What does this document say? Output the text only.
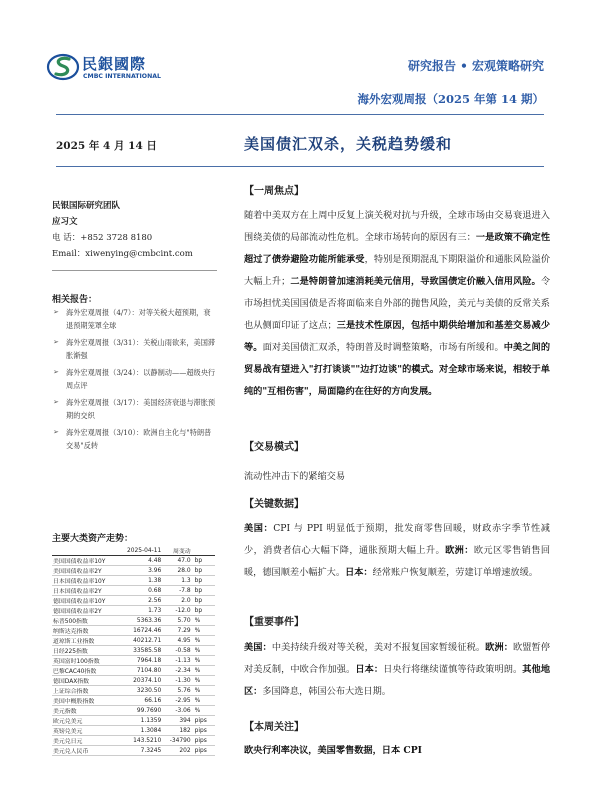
民銀國際
CMBC INTERNATIONAL
研究报告 • 宏观策略研究
海外宏观周报（2025 年第 14 期）
2025 年 4 月 14 日	美国债汇双杀，关税趋势缓和
民银国际研究团队
应习文
电 话：+852 3728 8180
Email：xiwenying@cmbcint.com
相关报告：
➢ 海外宏观周报（4/7）：对等关税大超预期，衰退预期笼罩全球
➢ 海外宏观周报（3/31）：关税山雨欲来，美国滞胀渐强
➢ 海外宏观周报（3/24）：以静制动——超级央行周点评
➢ 海外宏观周报（3/17）：美国经济衰退与滞胀预期的交织
➢ 海外宏观周报（3/10）：欧洲自主化与"特朗普交易"反转
主要大类资产走势：
	2025-04-11	周变动	
美国国债收益率10Y	4.48	47.0	bp
美国国债收益率2Y	3.96	28.0	bp
日本国债收益率10Y	1.38	1.3	bp
日本国债收益率2Y	0.68	-7.8	bp
德国国债收益率10Y	2.56	2.0	bp
德国国债收益率2Y	1.73	-12.0	bp
标普500指数	5363.36	5.70	%
纳斯达克指数	16724.46	7.29	%
道琼斯工业指数	40212.71	4.95	%
日经225指数	33585.58	-0.58	%
英国富时100指数	7964.18	-1.13	%
巴黎CAC40指数	7104.80	-2.34	%
德国DAX指数	20374.10	-1.30	%
上证综合指数	3230.50	5.76	%
美国中概股指数	66.16	-2.95	%
美元指数	99.7690	-3.06	%
欧元兑美元	1.1359	394	pips
英镑兑美元	1.3084	182	pips
美元兑日元	143.5210	-34790	pips
美元兑人民币	7.3245	202	pips
【一周焦点】
随着中美双方在上周中反复上演关税对抗与升级，全球市场由交易衰退进入围绕美债的局部流动性危机。全球市场转向的原因有三：一是政策不确定性超过了债券避险功能所能承受，特别是预期混乱下期限溢价和通胀风险溢价大幅上升；二是特朗普加速消耗美元信用，导致国债定价融入信用风险。令市场担忧美国国债是否将面临来自外部的抛售风险，美元与美债的反常关系也从侧面印证了这点；三是技术性原因，包括中期供给增加和基差交易减少等。面对美国债汇双杀，特朗普及时调整策略，市场有所缓和。中美之间的贸易战有望进入"打打谈谈""边打边谈"的模式。对全球市场来说，相较于单纯的"互相伤害"，局面隐约在往好的方向发展。
【交易模式】
流动性冲击下的紧缩交易
【关键数据】
美国：CPI 与 PPI 明显低于预期，批发商零售回暖，财政赤字季节性减少，消费者信心大幅下降，通胀预期大幅上升。欧洲：欧元区零售销售回暖，德国顺差小幅扩大。日本：经常账户恢复顺差，劳建订单增速放缓。
【重要事件】
美国：中美持续升级对等关税，美对不报复国家暂缓征税。欧洲：欧盟暂停对美反制，中欧合作加强。日本：日央行将继续谨慎等待政策明朗。其他地区：多国降息，韩国公布大选日期。
【本周关注】
欧央行利率决议，美国零售数据，日本 CPI
